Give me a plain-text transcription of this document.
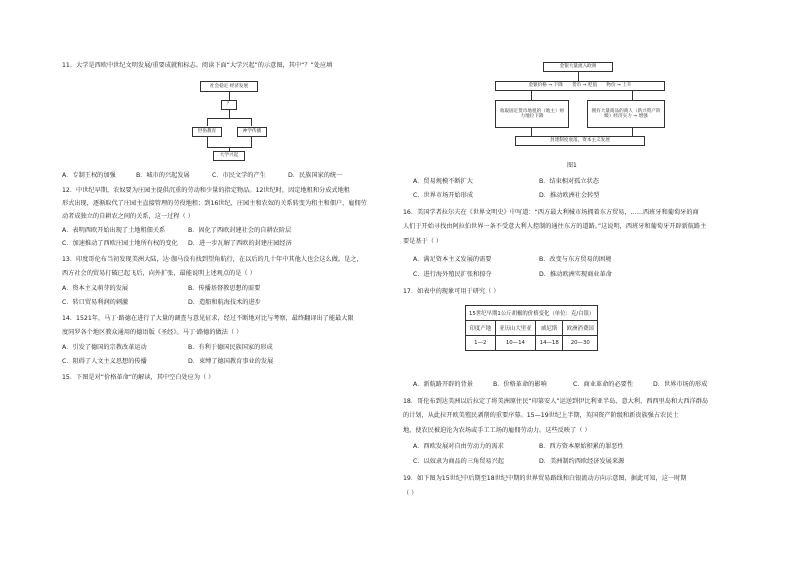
11．大学是西欧中世纪文明发展/重要成就和标志。阅读下面“大学兴起”的示意图，其中“？”处应填
社会稳定 经济发展
？
世俗教育	神学传播
大学兴起
A．专制王权的加强	B．城市的兴起发展	C．市民文学的产生	D．民族国家的统一
12．中世纪早期，农奴要为庄园主提供沉重的劳动和少量的指定物品。12世纪时，因定地租和分成式地租
形式出现，逐渐取代了庄园主直接管理的劳役地租；到16世纪，庄园主和农奴的关系转变为租主和佃户，雇佣劳
动者成独立的自耕农之间的关系，这一过程（ ）
A．表明西欧开始出现了土地租佃关系	B．固化了西欧封建社会的自耕农阶层
C．加速推动了西欧庄园土地所有权的变化 D．进一步瓦解了西欧的封建庄园经济
13．印度哥伦布当初发现美洲大陆，达·伽马没有找到望角航行，在以后的几十年中其他人也会这么做。是之，
西方社会的贸易打破已起飞后，向外扩张，最能说明上述观点的是（ ）
A．资本主义萌芽的发展	B．传播基督教思想的需要
C．转口贸易利润的刺激	D．造船和航海技术的进步
14．1521年，马丁·路德在进行了大量的调查与意见征求，经过不断地对比与考察，最终翻译出了能最大限
度同罗各个地区教众通用的德语版《圣经》。马丁·路德的做法（ ）
A．引发了德国的宗教改革运动	B．有利于德国民族国家的形成
C．阻碍了人文主义思想的传播	D．束缚了德国教育事业的发展
15．下图是对“价格革命”的解读，其中空白处应为（ ）
金银大量流入欧洲
金银价格 → 下降　　货币 → 贬值　　物价 → 上升
收取固定货币地租的（地主）财力地位下降
拥有大量商品的商人（新兴资产阶级）经济实力 → 增强
封建制度衰落，资本主义发展
图1
A．贸易规模不断扩大	B．结束相对孤立状态
C．世界市场开始形成	D．推动欧洲社会转型
16．美国学者拉尔夫在《世界文明史》中写道：“西方最大利械市场拥着东方贸易，……西班牙和葡萄牙的商
人们于开始寻找由阿拉伯世界一条不受意大利人控制的通往东方的道路。”这说明，西班牙和葡萄牙开辟新航路主
要是基于（ ）
A．满足资本主义发展的需要	B．改变与东方贸易的困境
C．进行海外殖民扩张和掠夺	D．推动欧洲实现商业革命
17．如表中的现象可用于研究（ ）
15世纪早期1公斤胡椒的价格变化（单位：克/白银）			
印度产地	亚历山大里亚	威尼斯	欧洲消费国
1—2	10—14	14—18	20—30
A．新航路开辟的背景	B．价格革命的影响	C．商业革命的必要性	D．世界市场的形成
18．哥伦布到达美洲以后拉定了将美洲原住民“印第安人”运送到伊比利亚半岛、意大利、西西里岛和大西洋群岛
的计划，从此拉开欧美殖民剥削的重要序幕。15—19世纪上半期，英国资产阶级和新贵族强占农民土
地，使农民被迫沦为农场或手工工场的雇佣劳动力。这些反映了（ ）
A．西欧发展对自由劳动力的需求	B．西方资本原始积累的罪恶性
C．以奴隶为商品的三角贸易兴起	D．美洲制约西欧经济发展来源
19．如下图为15世纪中后期至18世纪中期的世界贸易路线和白银流动方向示意图，据此可知，这一时期
（ ）
